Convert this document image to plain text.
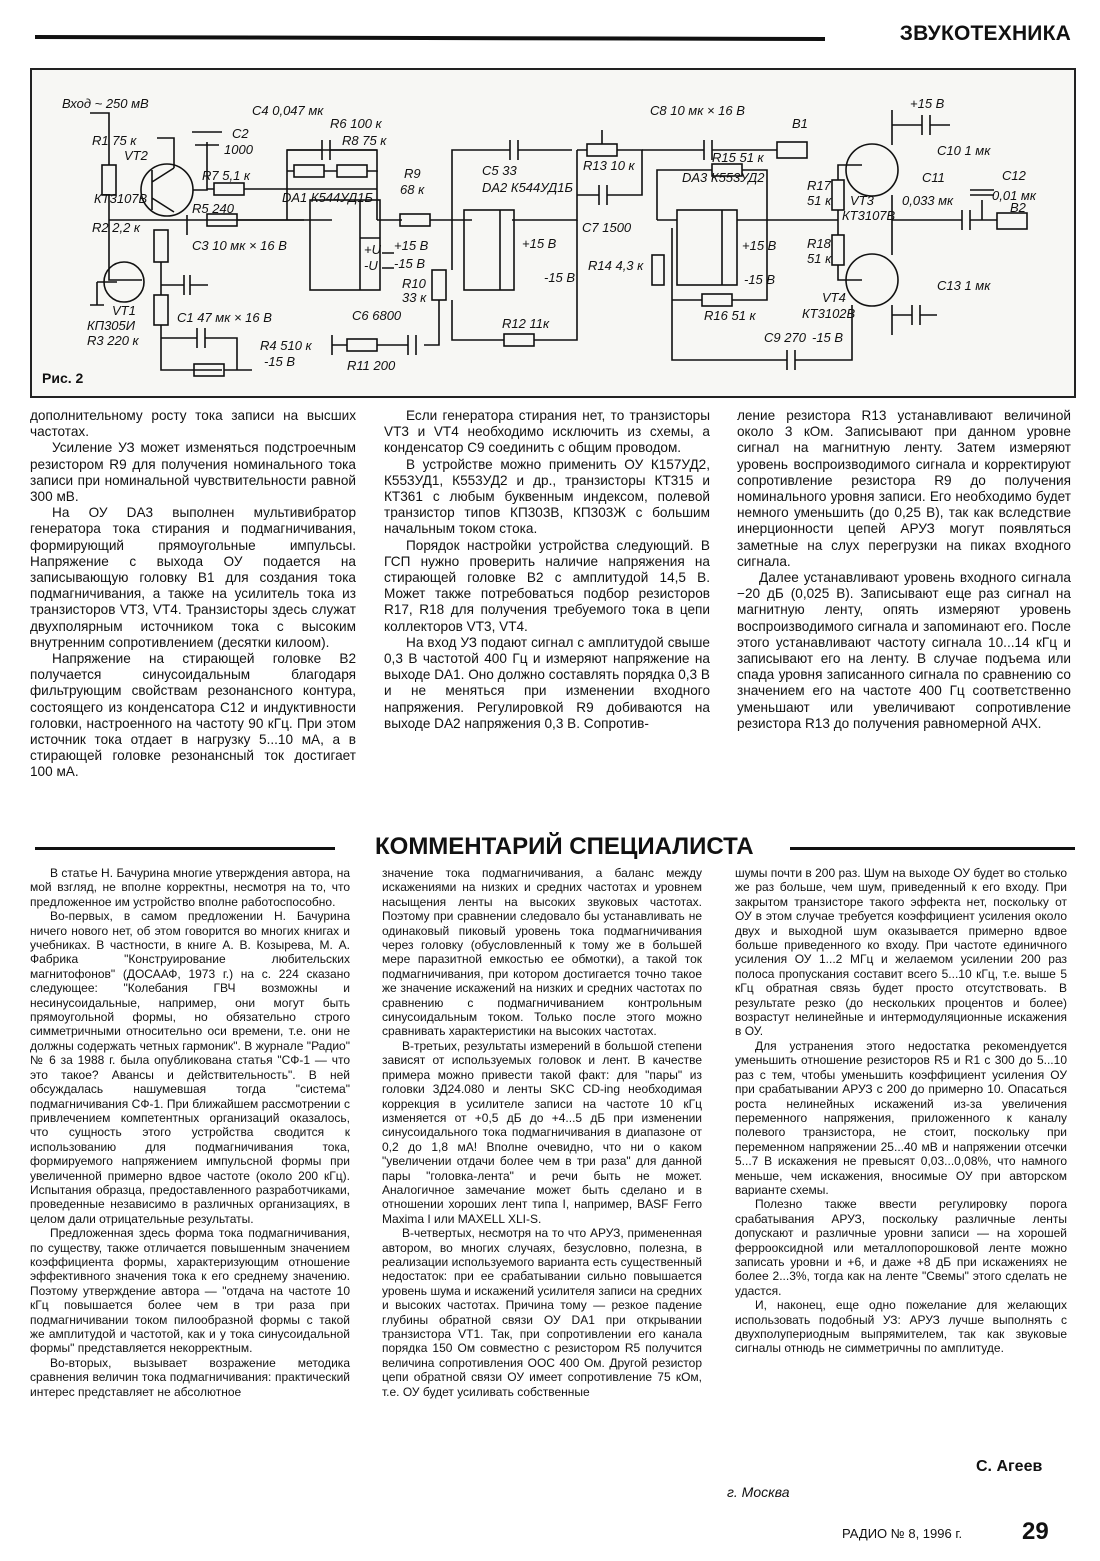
ЗВУКОТЕХНИКА
Вход ~ 250 мВ
R1 75 к
VT2
КТ3107В
C2
1000
C4 0,047 мк
R6 100 к
R8 75 к
R7 5,1 к
R5 240
DA1 К544УД1Б
R9
68 к
R2 2,2 к
C3 10 мк × 16 В	+15 В
-15 В
VT1
КП305И
R3 220 к
C1 47 мк × 16 В
R4 510 к
-15 В
R10
33 к
C6 6800
R11 200
C5 33
DA2 К544УД1Б
+15 В
-15 В
R12 11к
R13 10 к
C7 1500
C8 10 мк × 16 В
B1
R15 51 к
DA3 К553УД2
R14 4,3 к
+15 В
-15 В
R16 51 к
C9 270 -15 В
+15 В
C10 1 мк
R17
51 к VT3
КТ3107В
C11
0,033 мк
C12
0,01 мк
B2
R18
51 к
VT4
КТ3102В
C13 1 мк
+U
-U
Рис. 2

дополнительному росту тока записи на высших частотах.

Усиление УЗ может изменяться подстроечным резистором R9 для получения номинального тока записи при номинальной чувствительности равной 300 мВ.

На ОУ DA3 выполнен мультивибратор генератора тока стирания и подмагничивания, формирующий прямоугольные импульсы. Напряжение с выхода ОУ подается на записывающую головку B1 для создания тока подмагничивания, а также на усилитель тока из транзисторов VT3, VT4. Транзисторы здесь служат двухполярным источником тока с высоким внутренним сопротивлением (десятки килоом).

Напряжение на стирающей головке B2 получается синусоидальным благодаря фильтрующим свойствам резонансного контура, состоящего из конденсатора C12 и индуктивности головки, настроенного на частоту 90 кГц. При этом источник тока отдает в нагрузку 5...10 мА, а в стирающей головке резонансный ток достигает 100 мА.

Если генератора стирания нет, то транзисторы VT3 и VT4 необходимо исключить из схемы, а конденсатор C9 соединить с общим проводом.

В устройстве можно применить ОУ К157УД2, К553УД1, К553УД2 и др., транзисторы КТ315 и КТ361 с любым буквенным индексом, полевой транзистор типов КП303В, КП303Ж с большим начальным током стока.

Порядок настройки устройства следующий. В ГСП нужно проверить наличие напряжения на стирающей головке B2 с амплитудой 14,5 В. Может также потребоваться подбор резисторов R17, R18 для получения требуемого тока в цепи коллекторов VT3, VT4.

На вход УЗ подают сигнал с амплитудой свыше 0,3 В частотой 400 Гц и измеряют напряжение на выходе DA1. Оно должно составлять порядка 0,3 В и не меняться при изменении входного напряжения. Регулировкой R9 добиваются на выходе DA2 напряжения 0,3 В. Сопротив-

ление резистора R13 устанавливают величиной около 3 кОм. Записывают при данном уровне сигнал на магнитную ленту. Затем измеряют уровень воспроизводимого сигнала и корректируют сопротивление резистора R9 до получения номинального уровня записи. Его необходимо будет немного уменьшить (до 0,25 В), так как вследствие инерционности цепей АРУЗ могут появляться заметные на слух перегрузки на пиках входного сигнала.

Далее устанавливают уровень входного сигнала −20 дБ (0,025 В). Записывают еще раз сигнал на магнитную ленту, опять измеряют уровень воспроизводимого сигнала и запоминают его. После этого устанавливают частоту сигнала 10...14 кГц и записывают его на ленту. В случае подъема или спада уровня записанного сигнала по сравнению со значением его на частоте 400 Гц соответственно уменьшают или увеличивают сопротивление резистора R13 до получения равномерной АЧХ.

КОММЕНТАРИЙ СПЕЦИАЛИСТА

В статье Н. Бачурина многие утверждения автора, на мой взгляд, не вполне корректны, несмотря на то, что предложенное им устройство вполне работоспособно.

Во-первых, в самом предложении Н. Бачурина ничего нового нет, об этом говорится во многих книгах и учебниках. В частности, в книге А. В. Козырева, М. А. Фабрика "Конструирование любительских магнитофонов" (ДОСААФ, 1973 г.) на с. 224 сказано следующее: "Колебания ГВЧ возможны и несинусоидальные, например, они могут быть прямоугольной формы, но обязательно строго симметричными относительно оси времени, т.е. они не должны содержать четных гармоник". В журнале "Радио" № 6 за 1988 г. была опубликована статья "СФ-1 — что это такое? Авансы и действительность". В ней обсуждалась нашумевшая тогда "система" подмагничивания СФ-1. При ближайшем рассмотрении с привлечением компетентных организаций оказалось, что сущность этого устройства сводится к использованию для подмагничивания тока, формируемого напряжением импульсной формы при увеличенной примерно вдвое частоте (около 200 кГц). Испытания образца, предоставленного разработчиками, проведенные независимо в различных организациях, в целом дали отрицательные результаты.

Предложенная здесь форма тока подмагничивания, по существу, также отличается повышенным значением коэффициента формы, характеризующим отношение эффективного значения тока к его среднему значению. Поэтому утверждение автора — "отдача на частоте 10 кГц повышается более чем в три раза при подмагничивании током пилообразной формы с такой же амплитудой и частотой, как и у тока синусоидальной формы" представляется некорректным.

Во-вторых, вызывает возражение методика сравнения величин тока подмагничивания: практический интерес представляет не абсолютное

значение тока подмагничивания, а баланс между искажениями на низких и средних частотах и уровнем насыщения ленты на высоких звуковых частотах. Поэтому при сравнении следовало бы устанавливать не одинаковый пиковый уровень тока подмагничивания через головку (обусловленный к тому же в большей мере паразитной емкостью ее обмотки), а такой ток подмагничивания, при котором достигается точно такое же значение искажений на низких и средних частотах по сравнению с подмагничиванием контрольным синусоидальным током. Только после этого можно сравнивать характеристики на высоких частотах.

В-третьих, результаты измерений в большой степени зависят от используемых головок и лент. В качестве примера можно привести такой факт: для "пары" из головки 3Д24.080 и ленты SKC CD-ing необходимая коррекция в усилителе записи на частоте 10 кГц изменяется от +0,5 дБ до +4...5 дБ при изменении синусоидального тока подмагничивания в диапазоне от 0,2 до 1,8 мА! Вполне очевидно, что ни о каком "увеличении отдачи более чем в три раза" для данной пары "головка-лента" и речи быть не может. Аналогичное замечание может быть сделано и в отношении хороших лент типа I, например, BASF Ferro Maxima I или MAXELL XLI-S.

В-четвертых, несмотря на то что АРУЗ, примененная автором, во многих случаях, безусловно, полезна, в реализации используемого варианта есть существенный недостаток: при ее срабатывании сильно повышается уровень шума и искажений усилителя записи на средних и высоких частотах. Причина тому — резкое падение глубины обратной связи ОУ DA1 при открывании транзистора VT1. Так, при сопротивлении его канала порядка 150 Ом совместно с резистором R5 получится величина сопротивления ООС 400 Ом. Другой резистор цепи обратной связи ОУ имеет сопротивление 75 кОм, т.е. ОУ будет усиливать собственные

шумы почти в 200 раз. Шум на выходе ОУ будет во столько же раз больше, чем шум, приведенный к его входу. При закрытом транзисторе такого эффекта нет, поскольку от ОУ в этом случае требуется коэффициент усиления около двух и выходной шум оказывается примерно вдвое больше приведенного ко входу. При частоте единичного усиления ОУ 1...2 МГц и желаемом усилении 200 раз полоса пропускания составит всего 5...10 кГц, т.е. выше 5 кГц обратная связь будет просто отсутствовать. В результате резко (до нескольких процентов и более) возрастут нелинейные и интермодуляционные искажения в ОУ.

Для устранения этого недостатка рекомендуется уменьшить отношение резисторов R5 и R1 с 300 до 5...10 раз с тем, чтобы уменьшить коэффициент усиления ОУ при срабатывании АРУЗ с 200 до примерно 10. Опасаться роста нелинейных искажений из-за увеличения переменного напряжения, приложенного к каналу полевого транзистора, не стоит, поскольку при переменном напряжении 25...40 мВ и напряжении отсечки 5...7 В искажения не превысят 0,03...0,08%, что намного меньше, чем искажения, вносимые ОУ при авторском варианте схемы.

Полезно также ввести регулировку порога срабатывания АРУЗ, поскольку различные ленты допускают и различные уровни записи — на хорошей феррооксидной или металлопорошковой ленте можно записать уровни и +6, и даже +8 дБ при искажениях не более 2...3%, тогда как на ленте "Свемы" этого сделать не удастся.

И, наконец, еще одно пожелание для желающих использовать подобный УЗ: АРУЗ лучше выполнять с двухполупериодным выпрямителем, так как звуковые сигналы отнюдь не симметричны по амплитуде.

С. Агеев
г. Москва
РАДИО № 8, 1996 г. 29
